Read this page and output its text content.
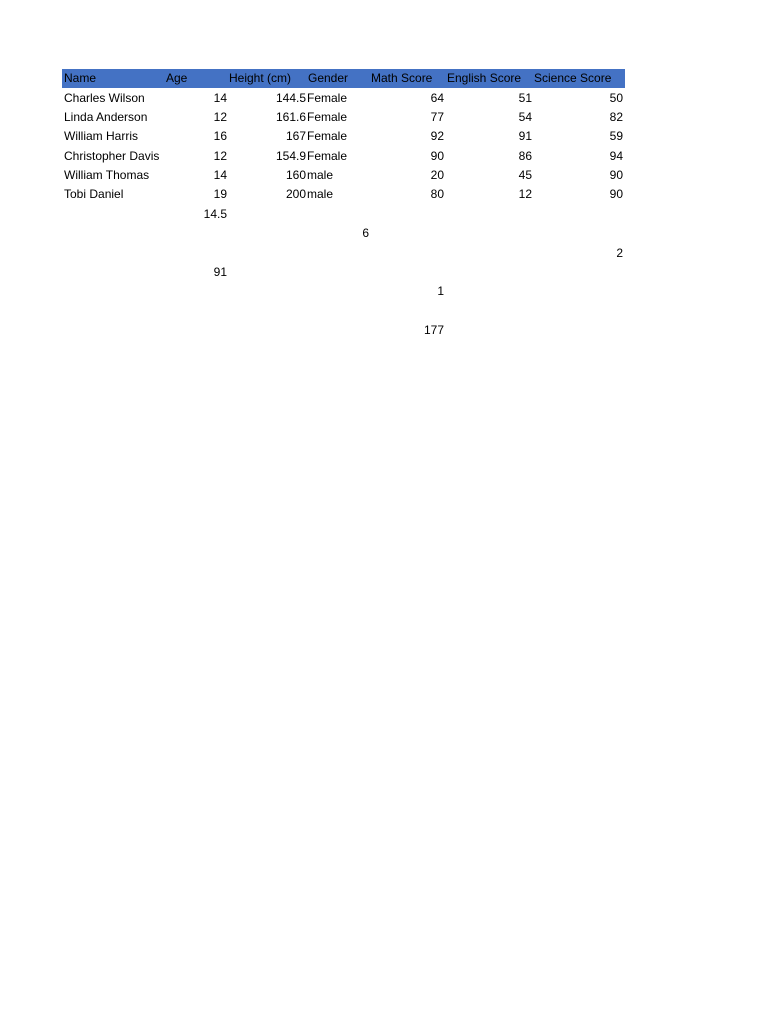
Name	Age	Height (cm)	Gender	Math Score	English Score	Science Score
Charles Wilson	14	144.5 Female	64	51	50
Linda Anderson	12	161.6 Female	77	54	82
William Harris	16	167 Female	92	91	59
Christopher Davis	12	154.9 Female	90	86	94
William Thomas	14	160 male	20	45	90
Tobi Daniel	19	200 male	80	12	90
14.5
6
2
91
1
177
